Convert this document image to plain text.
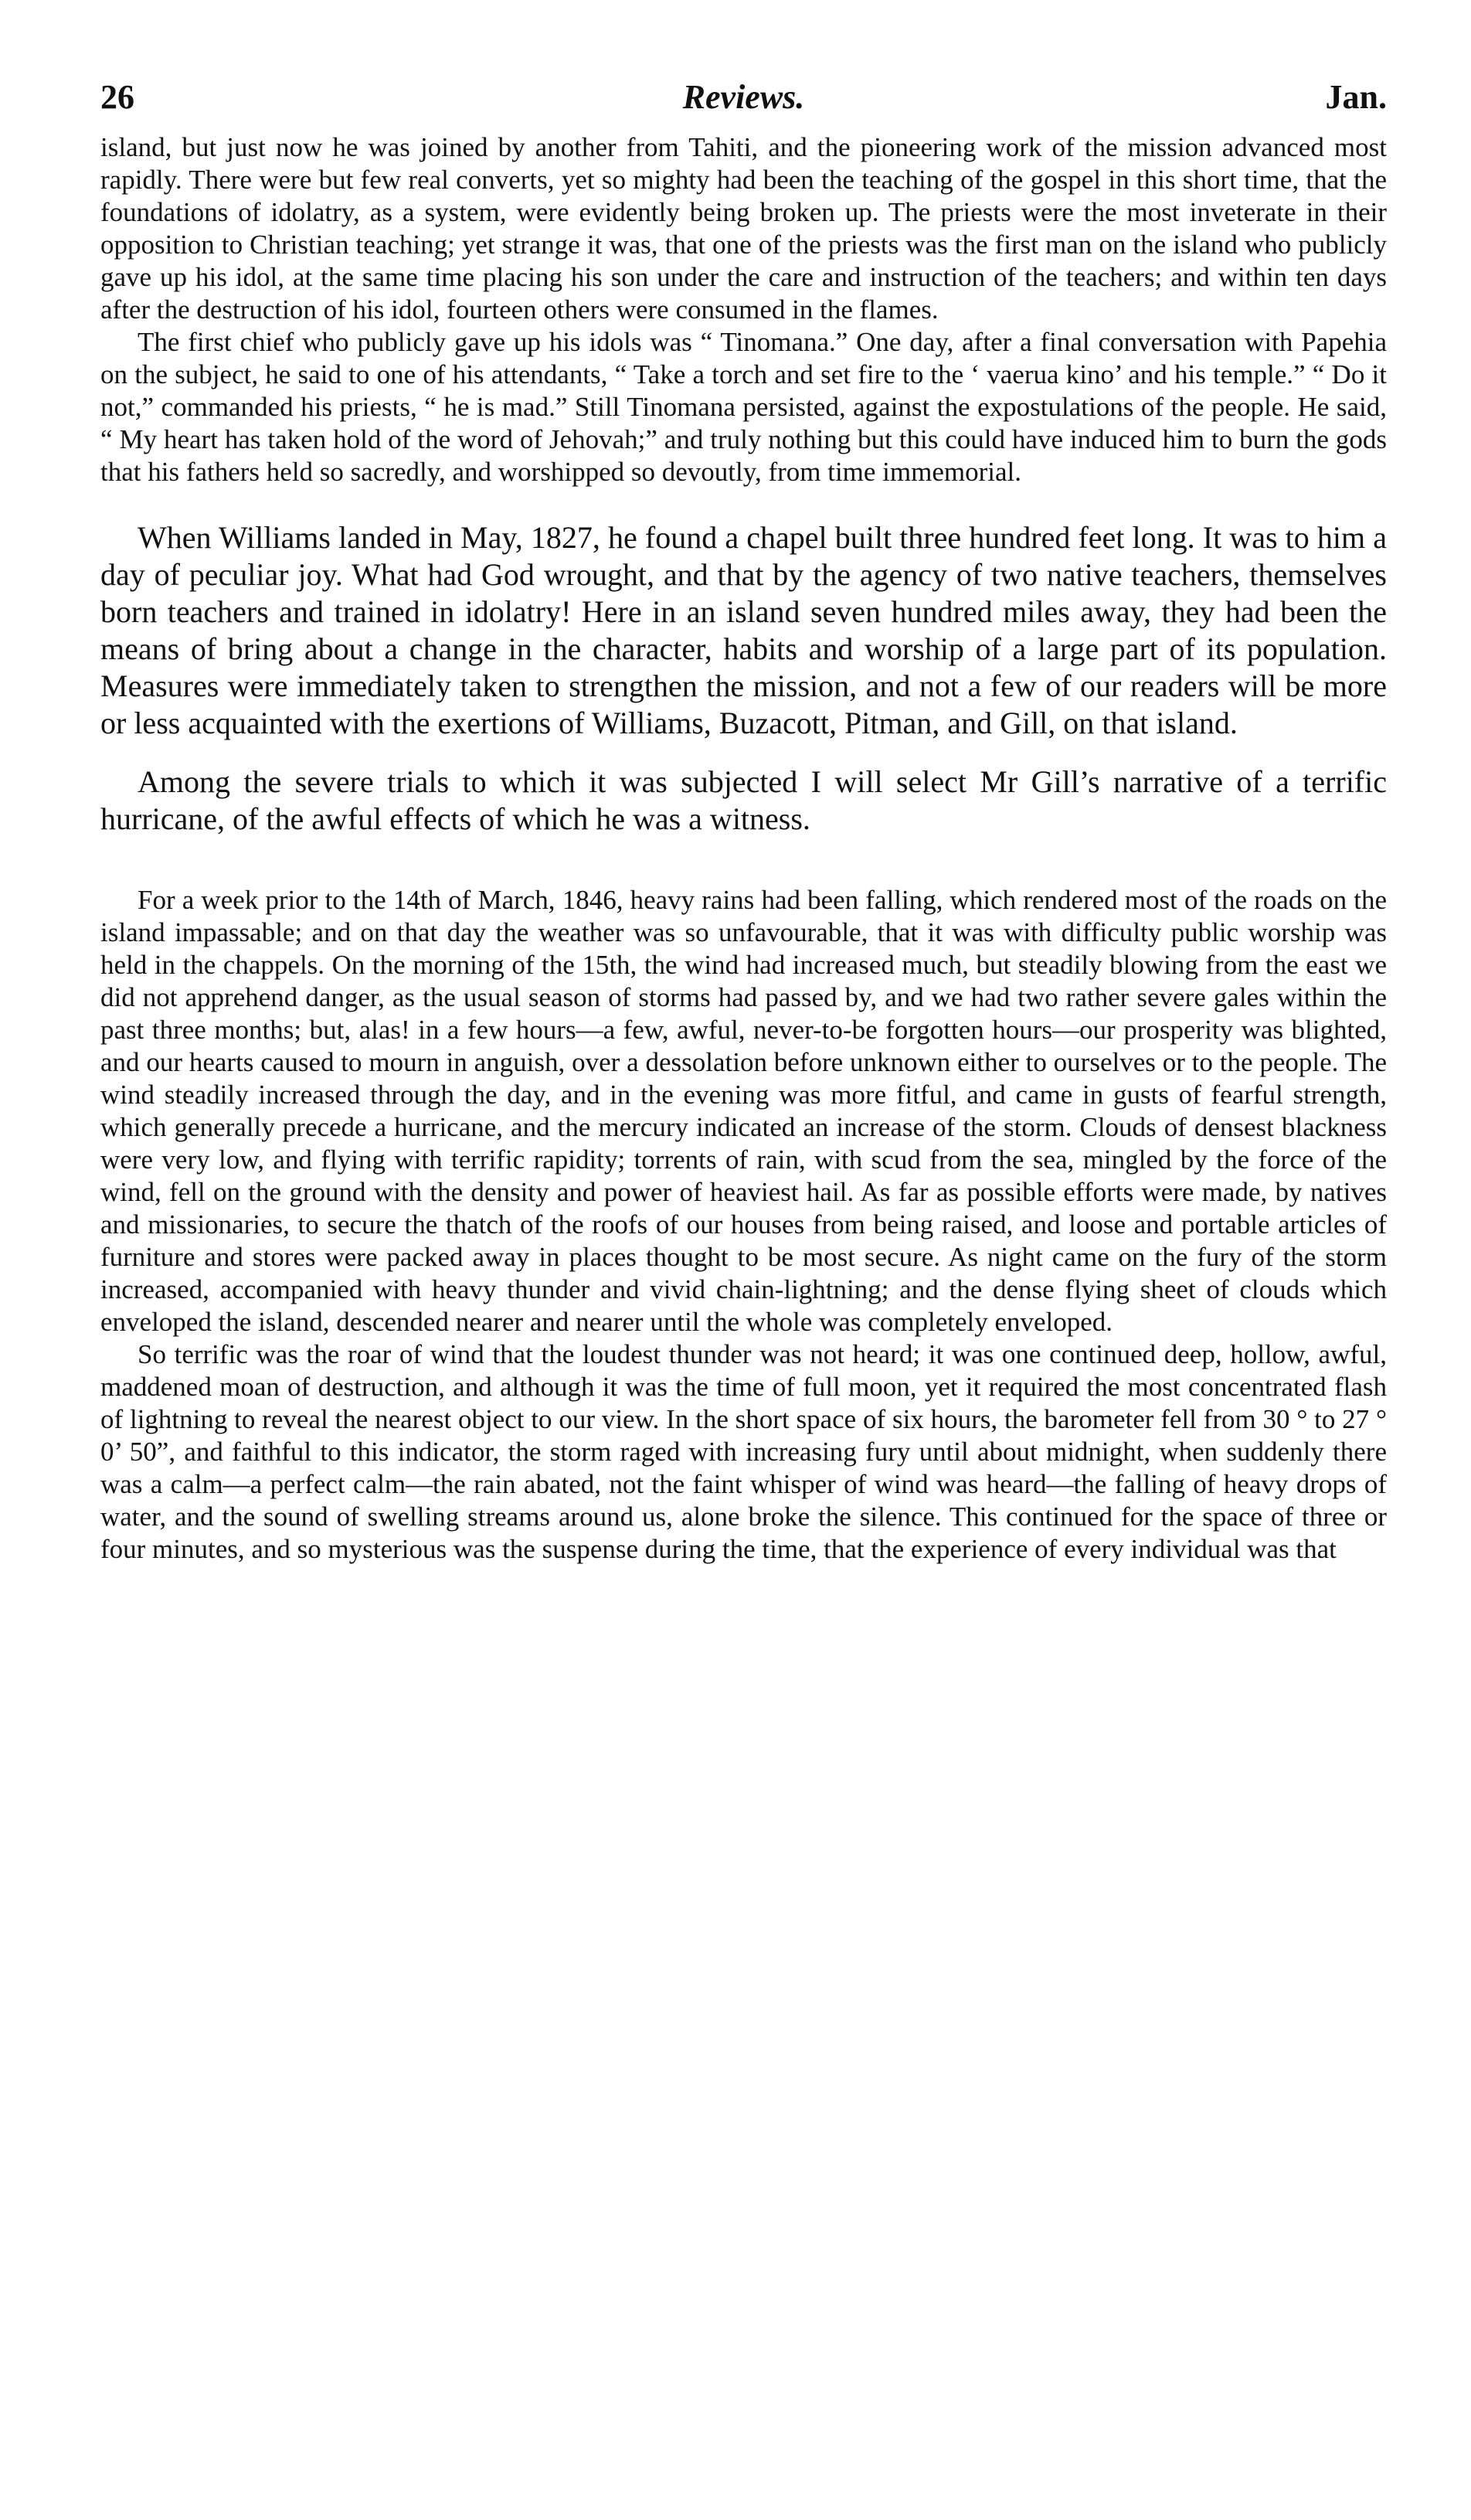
26	Reviews.	Jan.

island, but just now he was joined by another from Tahiti, and the pioneering work of the mission advanced most rapidly. There were but few real converts, yet so mighty had been the teaching of the gospel in this short time, that the foundations of idolatry, as a system, were evidently being broken up. The priests were the most inveterate in their opposition to Christian teaching; yet strange it was, that one of the priests was the first man on the island who publicly gave up his idol, at the same time placing his son under the care and instruction of the teachers; and within ten days after the destruction of his idol, fourteen others were consumed in the flames.

The first chief who publicly gave up his idols was “ Tinomana.” One day, after a final conversation with Papehia on the subject, he said to one of his attendants, “ Take a torch and set fire to the ‘ vaerua kino’ and his temple.” “ Do it not,” commanded his priests, “ he is mad.” Still Tinomana persisted, against the expostulations of the people. He said, “ My heart has taken hold of the word of Jehovah;” and truly nothing but this could have induced him to burn the gods that his fathers held so sacredly, and worshipped so devoutly, from time immemorial.

When Williams landed in May, 1827, he found a chapel built three hundred feet long. It was to him a day of peculiar joy. What had God wrought, and that by the agency of two native teachers, themselves born teachers and trained in idolatry! Here in an island seven hundred miles away, they had been the means of bring about a change in the character, habits and worship of a large part of its population. Measures were immediately taken to strengthen the mission, and not a few of our readers will be more or less acquainted with the exertions of Williams, Buzacott, Pitman, and Gill, on that island.

Among the severe trials to which it was subjected I will select Mr Gill’s narrative of a terrific hurricane, of the awful effects of which he was a witness.

For a week prior to the 14th of March, 1846, heavy rains had been falling, which rendered most of the roads on the island impassable; and on that day the weather was so unfavourable, that it was with difficulty public worship was held in the chappels. On the morning of the 15th, the wind had increased much, but steadily blowing from the east we did not apprehend danger, as the usual season of storms had passed by, and we had two rather severe gales within the past three months; but, alas! in a few hours—a few, awful, never-to-be forgotten hours—our prosperity was blighted, and our hearts caused to mourn in anguish, over a dessolation before unknown either to ourselves or to the people. The wind steadily increased through the day, and in the evening was more fitful, and came in gusts of fearful strength, which generally precede a hurricane, and the mercury indicated an increase of the storm. Clouds of densest blackness were very low, and flying with terrific rapidity; torrents of rain, with scud from the sea, mingled by the force of the wind, fell on the ground with the density and power of heaviest hail. As far as possible efforts were made, by natives and missionaries, to secure the thatch of the roofs of our houses from being raised, and loose and portable articles of furniture and stores were packed away in places thought to be most secure. As night came on the fury of the storm increased, accompanied with heavy thunder and vivid chain-lightning; and the dense flying sheet of clouds which enveloped the island, descended nearer and nearer until the whole was completely enveloped.

So terrific was the roar of wind that the loudest thunder was not heard; it was one continued deep, hollow, awful, maddened moan of destruction, and although it was the time of full moon, yet it required the most concentrated flash of lightning to reveal the nearest object to our view. In the short space of six hours, the barometer fell from 30 ° to 27 ° 0’ 50”, and faithful to this indicator, the storm raged with increasing fury until about midnight, when suddenly there was a calm—a perfect calm—the rain abated, not the faint whisper of wind was heard—the falling of heavy drops of water, and the sound of swelling streams around us, alone broke the silence. This continued for the space of three or four minutes, and so mysterious was the suspense during the time, that the experience of every individual was that
